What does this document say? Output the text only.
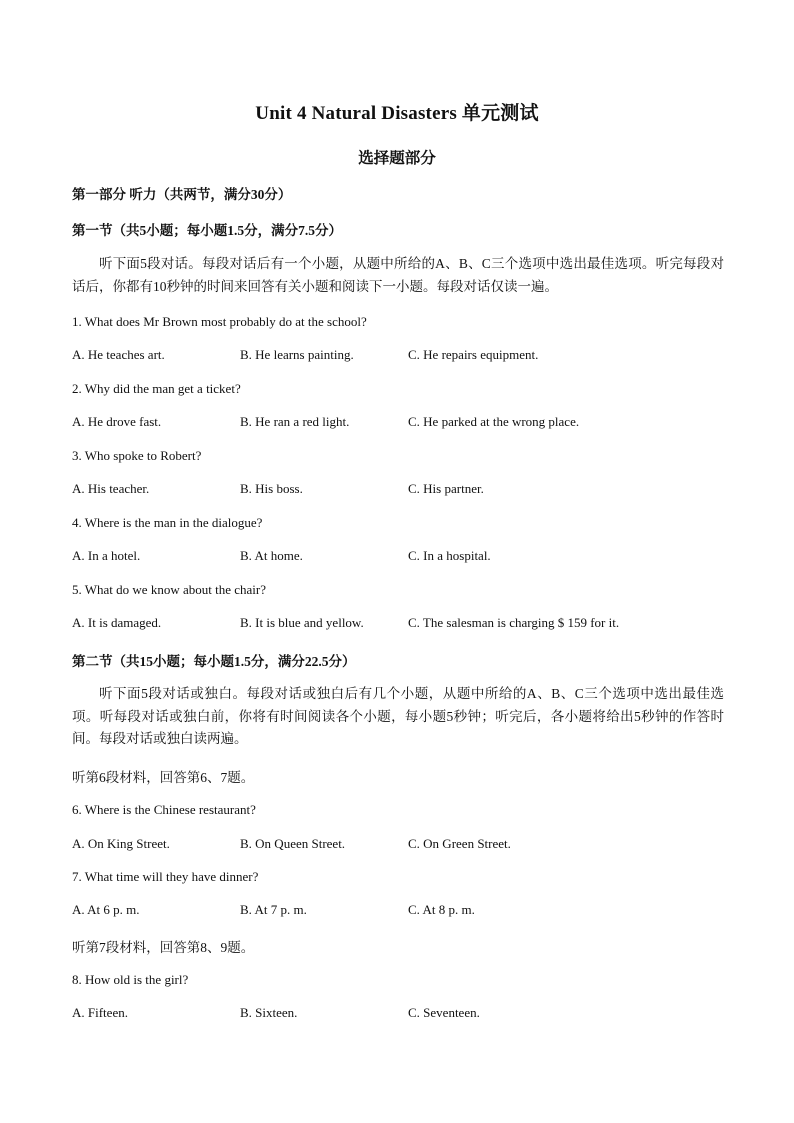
Unit 4 Natural Disasters 单元测试
选择题部分
第一部分 听力（共两节，满分30分）
第一节（共5小题；每小题1.5分，满分7.5分）
听下面5段对话。每段对话后有一个小题，从题中所给的A、B、C三个选项中选出最佳选项。听完每段对话后，你都有10秒钟的时间来回答有关小题和阅读下一小题。每段对话仅读一遍。
1. What does Mr Brown most probably do at the school?
A. He teaches art.	B. He learns painting.	C. He repairs equipment.
2. Why did the man get a ticket?
A. He drove fast.	B. He ran a red light.	C. He parked at the wrong place.
3. Who spoke to Robert?
A. His teacher.	B. His boss.	C. His partner.
4. Where is the man in the dialogue?
A. In a hotel.	B. At home.	C. In a hospital.
5. What do we know about the chair?
A. It is damaged.	B. It is blue and yellow.	C. The salesman is charging $ 159 for it.
第二节（共15小题；每小题1.5分，满分22.5分）
听下面5段对话或独白。每段对话或独白后有几个小题，从题中所给的A、B、C三个选项中选出最佳选项。听每段对话或独白前，你将有时间阅读各个小题，每小题5秒钟；听完后，各小题将给出5秒钟的作答时间。每段对话或独白读两遍。
听第6段材料，回答第6、7题。
6. Where is the Chinese restaurant?
A. On King Street.	B. On Queen Street.	C. On Green Street.
7. What time will they have dinner?
A. At 6 p. m.	B. At 7 p. m.	C. At 8 p. m.
听第7段材料，回答第8、9题。
8. How old is the girl?
A. Fifteen.	B. Sixteen.	C. Seventeen.
